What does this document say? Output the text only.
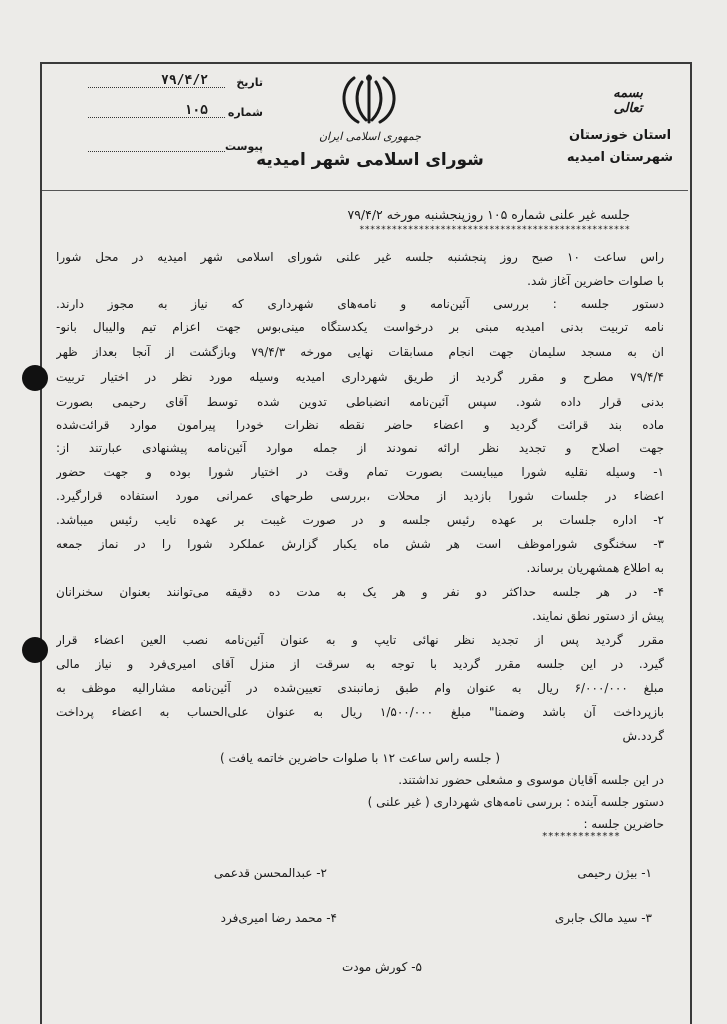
تاریخ
۷۹/۴/۲
شماره
۱۰۵
پیوست
جمهوری اسلامی ایران
شورای اسلامی شهر امیدیه
بسمه تعالی
استان خوزستان
شهرستان امیدیه
جلسه غیر علنی شماره ۱۰۵ روزپنجشنبه مورخه ۷۹/۴/۲
**************************************************
راس ساعت ۱۰ صبح روز پنجشنبه جلسه غیر علنی شورای اسلامی شهر امیدیه در محل شورا
با صلوات حاضرین آغاز شد.
دستور جلسه : بررسی آئین‌نامه و نامه‌های شهرداری که نیاز به مجوز دارند.
نامه تربیت بدنی امیدیه مبنی بر درخواست یکدستگاه مینی‌بوس جهت اعزام تیم والیبال بانو-
ان به مسجد سلیمان جهت انجام مسابقات نهایی مورخه ۷۹/۴/۳ وبازگشت از آنجا بعداز ظهر
۷۹/۴/۴ مطرح و مقرر گردید از طریق شهرداری امیدیه وسیله مورد نظر در اختیار تربیت
بدنی قرار داده شود. سپس آئین‌نامه انضباطی تدوین شده توسط آقای رحیمی بصورت
ماده بند قرائت گردید و اعضاء حاضر نقطه نظرات خودرا پیرامون موارد قرائت‌شده
جهت اصلاح و تجدید نظر ارائه نمودند از جمله موارد آئین‌نامه پیشنهادی عبارتند از:
۱- وسیله نقلیه شورا میبایست بصورت تمام وقت در اختیار شورا بوده و جهت حضور
اعضاء در جلسات شورا بازدید از محلات ،بررسی طرحهای عمرانی مورد استفاده قرارگیرد.
۲- اداره جلسات بر عهده رئیس جلسه و در صورت غیبت بر عهده نایب رئیس میباشد.
۳- سخنگوی شوراموظف است هر شش ماه یکبار گزارش عملکرد شورا را در نماز جمعه
به اطلاع همشهریان برساند.
۴- در هر جلسه حداکثر دو نفر و هر یک به مدت ده دقیقه می‌توانند بعنوان سخنرانان
پیش از دستور نطق نمایند.
مقرر گردید پس از تجدید نظر نهائی تایپ و به عنوان آئین‌نامه نصب العین اعضاء قرار
گیرد. در این جلسه مقرر گردید با توجه به سرقت از منزل آقای امیری‌فرد و نیاز مالی
مبلغ ۶/۰۰۰/۰۰۰ ریال به عنوان وام طبق زمانبندی تعیین‌شده در آئین‌نامه مشارالیه موظف به
بازپرداخت آن باشد وضمنا" مبلغ ۱/۵۰۰/۰۰۰ ریال به عنوان علی‌الحساب به اعضاء پرداخت
گردد.ش
( جلسه راس ساعت ۱۲ با صلوات حاضرین خاتمه یافت )
در این جلسه آقایان موسوی و مشعلی حضور نداشتند.
دستور جلسه آینده : بررسی نامه‌های شهرداری ( غیر علنی )
حاضرین جلسه :
*************
۱- بیژن رحیمی
۲- عبدالمحسن قدعمی
۳- سید مالک جابری
۴- محمد رضا امیری‌فرد
۵- کورش مودت
